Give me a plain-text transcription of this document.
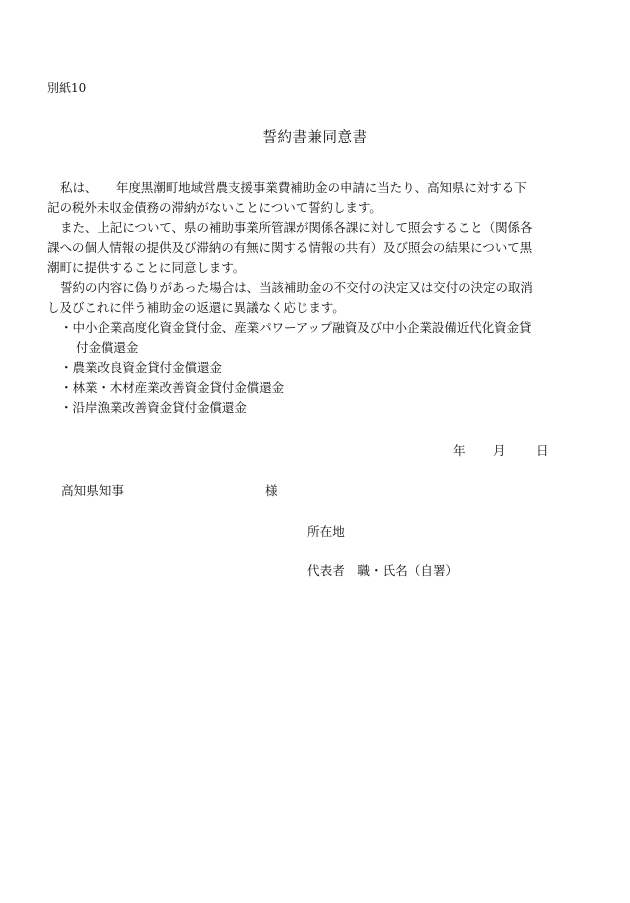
別紙10
誓約書兼同意書
私は、　　年度黒潮町地域営農支援事業費補助金の申請に当たり、高知県に対する下
記の税外未収金債務の滞納がないことについて誓約します。
また、上記について、県の補助事業所管課が関係各課に対して照会すること（関係各
課への個人情報の提供及び滞納の有無に関する情報の共有）及び照会の結果について黒
潮町に提供することに同意します。
誓約の内容に偽りがあった場合は、当該補助金の不交付の決定又は交付の決定の取消
し及びこれに伴う補助金の返還に異議なく応じます。
・中小企業高度化資金貸付金、産業パワーアップ融資及び中小企業設備近代化資金貸
付金償還金
・農業改良資金貸付金償還金
・林業・木材産業改善資金貸付金償還金
・沿岸漁業改善資金貸付金償還金
年 月 日
高知県知事	様
所在地
代表者　職・氏名（自署）
